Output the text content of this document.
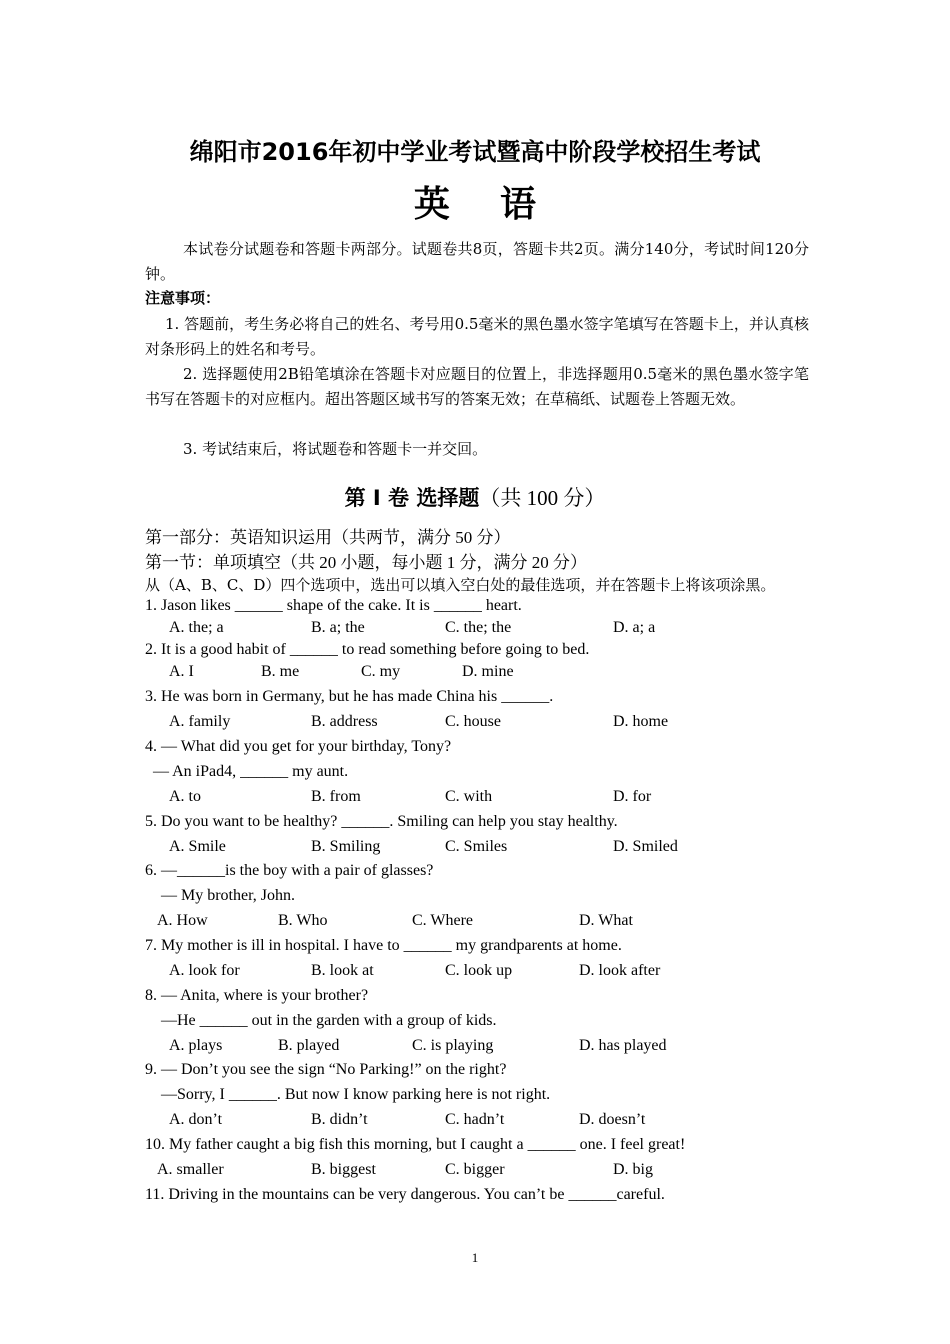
绵阳市2016年初中学业考试暨高中阶段学校招生考试
英    语
本试卷分试题卷和答题卡两部分。试题卷共8页，答题卡共2页。满分140分，考试时间120分钟。
注意事项：
1. 答题前，考生务必将自己的姓名、考号用0.5毫米的黑色墨水签字笔填写在答题卡上，并认真核对条形码上的姓名和考号。
2. 选择题使用2B铅笔填涂在答题卡对应题目的位置上，非选择题用0.5毫米的黑色墨水签字笔书写在答题卡的对应框内。超出答题区域书写的答案无效；在草稿纸、试题卷上答题无效。
3. 考试结束后，将试题卷和答题卡一并交回。
第 I 卷 选择题（共 100 分）
第一部分：英语知识运用（共两节，满分 50 分）
第一节：单项填空（共 20 小题，每小题 1 分，满分 20 分）
从（A、B、C、D）四个选项中，选出可以填入空白处的最佳选项，并在答题卡上将该项涂黑。
1. Jason likes ______ shape of the cake. It is ______ heart.
A. the; a	B. a; the	C. the; the	D. a; a
2. It is a good habit of ______ to read something before going to bed.
A. I	B. me	C. my	D. mine
3. He was born in Germany, but he has made China his ______.
A. family	B. address	C. house	D. home
4. — What did you get for your birthday, Tony?
— An iPad4, ______ my aunt.
A. to	B. from	C. with	D. for
5. Do you want to be healthy? ______. Smiling can help you stay healthy.
A. Smile	B. Smiling	C. Smiles	D. Smiled
6. —______is the boy with a pair of glasses?
— My brother, John.
A. How	B. Who	C. Where	D. What
7. My mother is ill in hospital. I have to ______ my grandparents at home.
A. look for	B. look at	C. look up	D. look after
8. — Anita, where is your brother?
—He ______ out in the garden with a group of kids.
A. plays	B. played	C. is playing	D. has played
9. — Don’t you see the sign “No Parking!” on the right?
—Sorry, I ______. But now I know parking here is not right.
A. don’t	B. didn’t	C. hadn’t	D. doesn’t
10. My father caught a big fish this morning, but I caught a ______ one. I feel great!
A. smaller	B. biggest	C. bigger	D. big
11. Driving in the mountains can be very dangerous. You can’t be ______careful.
1
